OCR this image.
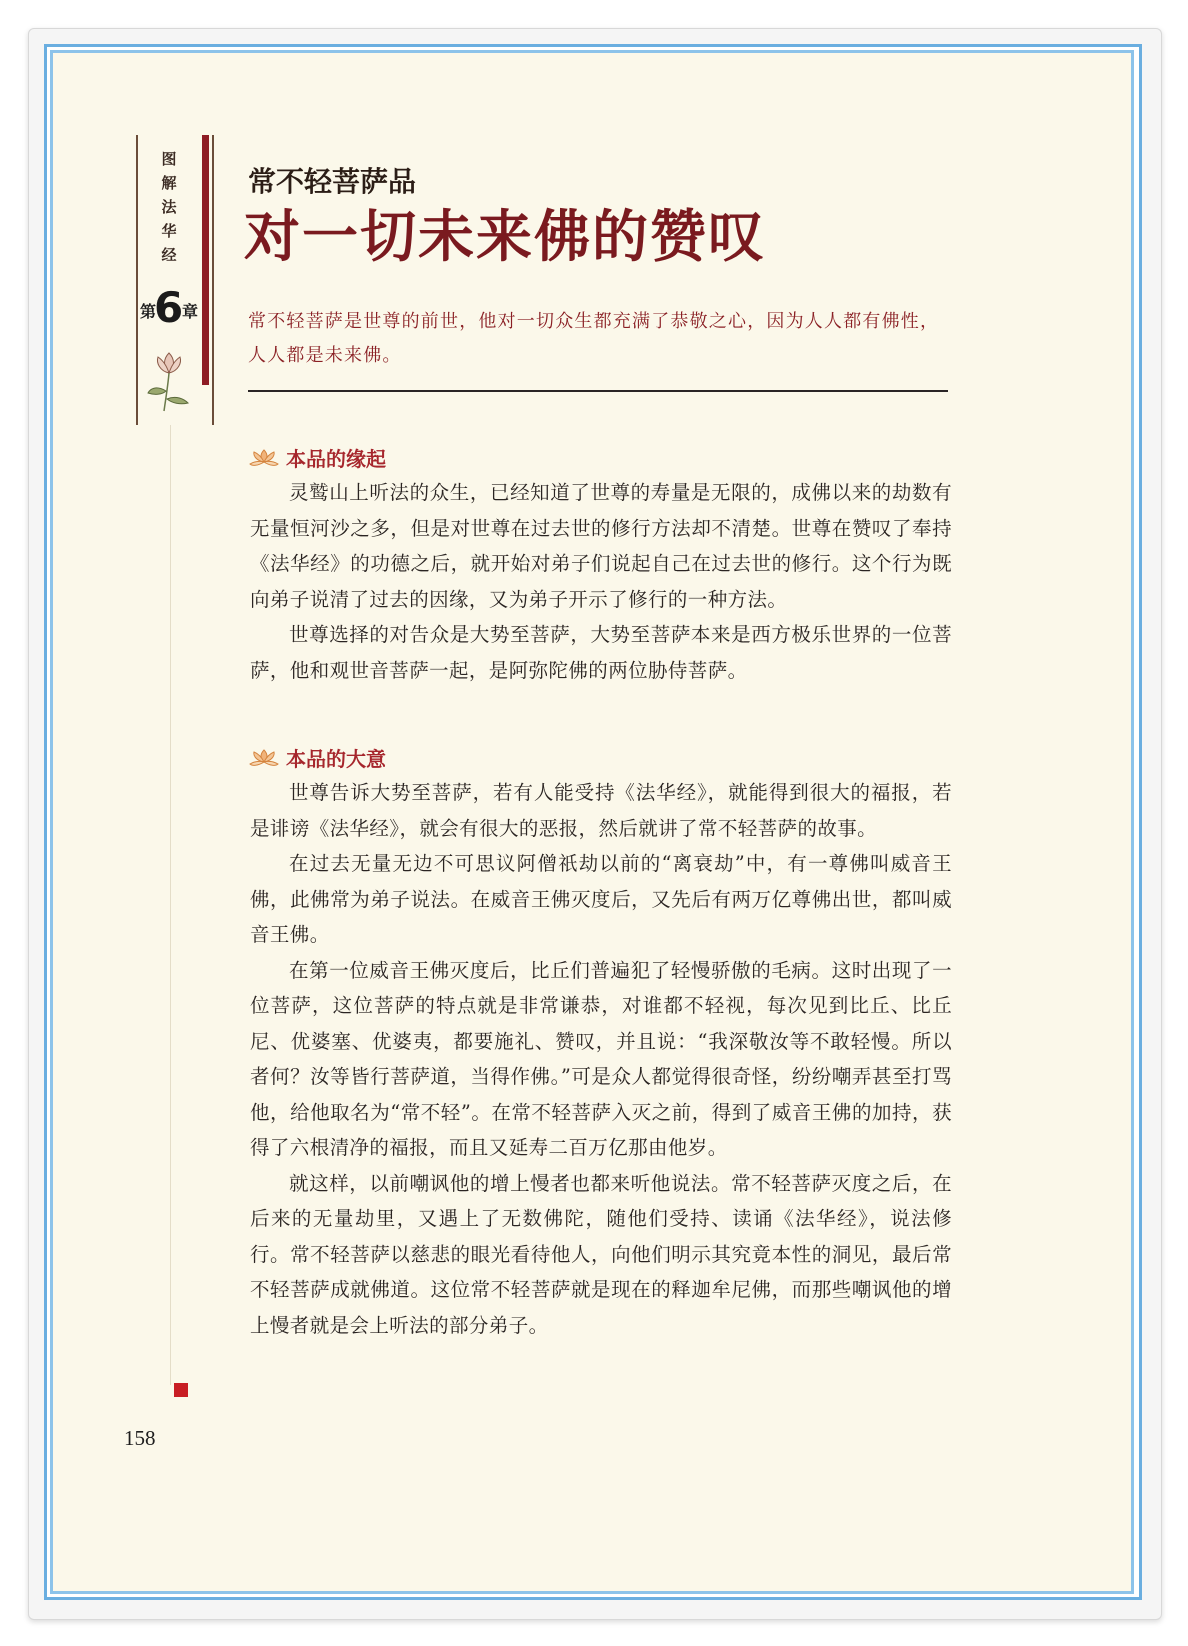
图解法华经
第
6
章
常不轻菩萨品
对一切未来佛的赞叹
常不轻菩萨是世尊的前世，他对一切众生都充满了恭敬之心，因为人人都有佛性，人人都是未来佛。
本品的缘起

灵鹫山上听法的众生，已经知道了世尊的寿量是无限的，成佛以来的劫数有无量恒河沙之多，但是对世尊在过去世的修行方法却不清楚。世尊在赞叹了奉持《法华经》的功德之后，就开始对弟子们说起自己在过去世的修行。这个行为既向弟子说清了过去的因缘，又为弟子开示了修行的一种方法。

世尊选择的对告众是大势至菩萨，大势至菩萨本来是西方极乐世界的一位菩萨，他和观世音菩萨一起，是阿弥陀佛的两位胁侍菩萨。

本品的大意

世尊告诉大势至菩萨，若有人能受持《法华经》，就能得到很大的福报，若是诽谤《法华经》，就会有很大的恶报，然后就讲了常不轻菩萨的故事。

在过去无量无边不可思议阿僧祇劫以前的“离衰劫”中，有一尊佛叫威音王佛，此佛常为弟子说法。在威音王佛灭度后，又先后有两万亿尊佛出世，都叫威音王佛。

在第一位威音王佛灭度后，比丘们普遍犯了轻慢骄傲的毛病。这时出现了一位菩萨，这位菩萨的特点就是非常谦恭，对谁都不轻视，每次见到比丘、比丘尼、优婆塞、优婆夷，都要施礼、赞叹，并且说：“我深敬汝等不敢轻慢。所以者何？汝等皆行菩萨道，当得作佛。”可是众人都觉得很奇怪，纷纷嘲弄甚至打骂他，给他取名为“常不轻”。在常不轻菩萨入灭之前，得到了威音王佛的加持，获得了六根清净的福报，而且又延寿二百万亿那由他岁。

就这样，以前嘲讽他的增上慢者也都来听他说法。常不轻菩萨灭度之后，在后来的无量劫里，又遇上了无数佛陀，随他们受持、读诵《法华经》，说法修行。常不轻菩萨以慈悲的眼光看待他人，向他们明示其究竟本性的洞见，最后常不轻菩萨成就佛道。这位常不轻菩萨就是现在的释迦牟尼佛，而那些嘲讽他的增上慢者就是会上听法的部分弟子。

158
